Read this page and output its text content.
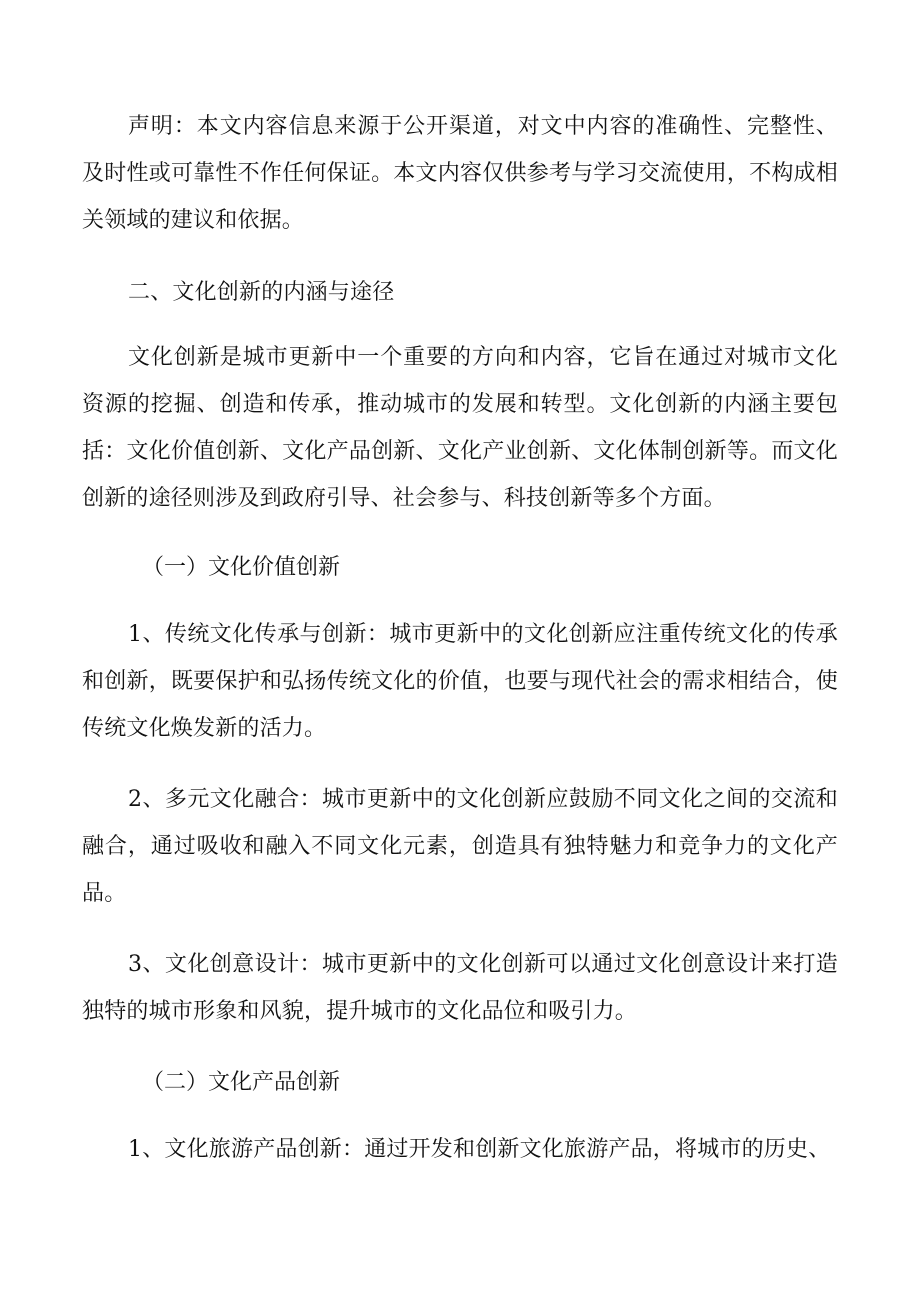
声明：本文内容信息来源于公开渠道，对文中内容的准确性、完整性、及时性或可靠性不作任何保证。本文内容仅供参考与学习交流使用，不构成相关领域的建议和依据。

二、文化创新的内涵与途径

文化创新是城市更新中一个重要的方向和内容，它旨在通过对城市文化资源的挖掘、创造和传承，推动城市的发展和转型。文化创新的内涵主要包括：文化价值创新、文化产品创新、文化产业创新、文化体制创新等。而文化创新的途径则涉及到政府引导、社会参与、科技创新等多个方面。

（一）文化价值创新

1、传统文化传承与创新：城市更新中的文化创新应注重传统文化的传承和创新，既要保护和弘扬传统文化的价值，也要与现代社会的需求相结合，使传统文化焕发新的活力。

2、多元文化融合：城市更新中的文化创新应鼓励不同文化之间的交流和融合，通过吸收和融入不同文化元素，创造具有独特魅力和竞争力的文化产品。

3、文化创意设计：城市更新中的文化创新可以通过文化创意设计来打造独特的城市形象和风貌，提升城市的文化品位和吸引力。

（二）文化产品创新

1、文化旅游产品创新：通过开发和创新文化旅游产品，将城市的历史、
